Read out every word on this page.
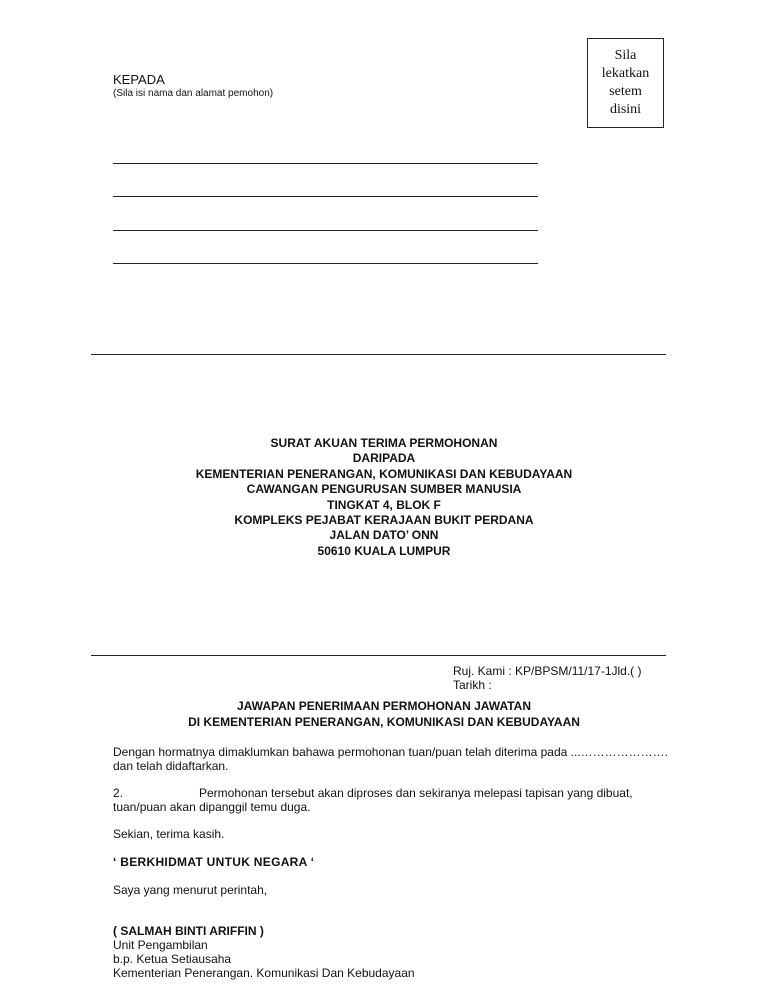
Sila
lekatkan
setem
disini
KEPADA
(Sila isi nama dan alamat pemohon)
SURAT AKUAN TERIMA PERMOHONAN
DARIPADA
KEMENTERIAN PENERANGAN, KOMUNIKASI DAN KEBUDAYAAN
CAWANGAN PENGURUSAN SUMBER MANUSIA
TINGKAT 4, BLOK F
KOMPLEKS PEJABAT KERAJAAN BUKIT PERDANA
JALAN DATO’ ONN
50610 KUALA LUMPUR
Ruj. Kami : KP/BPSM/11/17-1Jld.( )
Tarikh :
JAWAPAN PENERIMAAN PERMOHONAN JAWATAN
DI KEMENTERIAN PENERANGAN, KOMUNIKASI DAN KEBUDAYAAN
Dengan hormatnya dimaklumkan bahawa permohonan tuan/puan telah diterima pada ...…………………. dan telah didaftarkan.
2.	Permohonan tersebut akan diproses dan sekiranya melepasi tapisan yang dibuat, tuan/puan akan dipanggil temu duga.
Sekian, terima kasih.
‘ BERKHIDMAT UNTUK NEGARA ‘
Saya yang menurut perintah,
( SALMAH BINTI ARIFFIN )
Unit Pengambilan
b.p. Ketua Setiausaha
Kementerian Penerangan. Komunikasi Dan Kebudayaan
